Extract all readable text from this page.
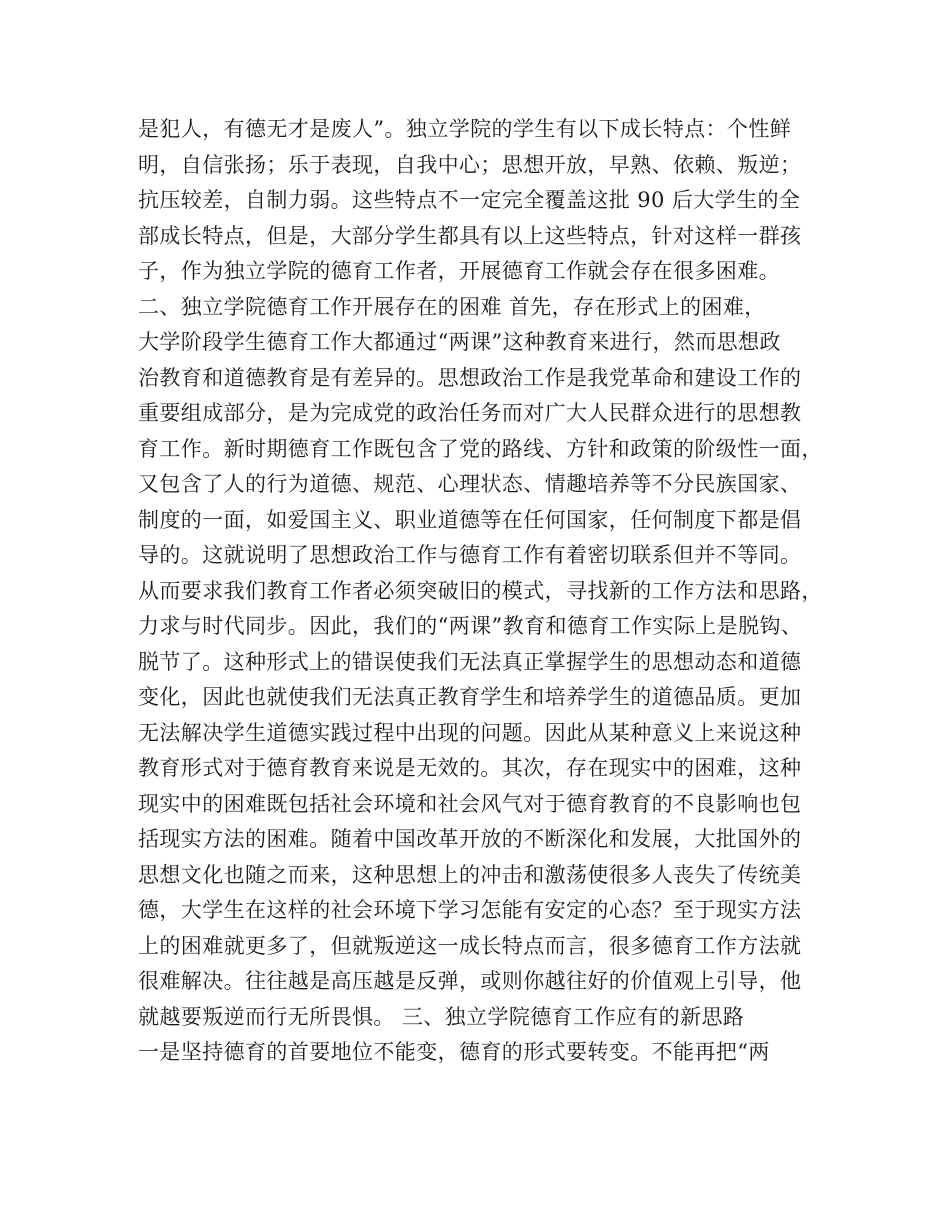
是犯人，有德无才是废人”。独立学院的学生有以下成长特点：个性鲜
明，自信张扬；乐于表现，自我中心；思想开放，早熟、依赖、叛逆；
抗压较差，自制力弱。这些特点不一定完全覆盖这批 90 后大学生的全
部成长特点，但是，大部分学生都具有以上这些特点，针对这样一群孩
子，作为独立学院的德育工作者，开展德育工作就会存在很多困难。
二、独立学院德育工作开展存在的困难 首先，存在形式上的困难，
大学阶段学生德育工作大都通过“两课”这种教育来进行，然而思想政
治教育和道德教育是有差异的。思想政治工作是我党革命和建设工作的
重要组成部分，是为完成党的政治任务而对广大人民群众进行的思想教
育工作。新时期德育工作既包含了党的路线、方针和政策的阶级性一面，
又包含了人的行为道德、规范、心理状态、情趣培养等不分民族国家、
制度的一面，如爱国主义、职业道德等在任何国家，任何制度下都是倡
导的。这就说明了思想政治工作与德育工作有着密切联系但并不等同。
从而要求我们教育工作者必须突破旧的模式，寻找新的工作方法和思路，
力求与时代同步。因此，我们的“两课”教育和德育工作实际上是脱钩、
脱节了。这种形式上的错误使我们无法真正掌握学生的思想动态和道德
变化，因此也就使我们无法真正教育学生和培养学生的道德品质。更加
无法解决学生道德实践过程中出现的问题。因此从某种意义上来说这种
教育形式对于德育教育来说是无效的。其次，存在现实中的困难，这种
现实中的困难既包括社会环境和社会风气对于德育教育的不良影响也包
括现实方法的困难。随着中国改革开放的不断深化和发展，大批国外的
思想文化也随之而来，这种思想上的冲击和激荡使很多人丧失了传统美
德，大学生在这样的社会环境下学习怎能有安定的心态？至于现实方法
上的困难就更多了，但就叛逆这一成长特点而言，很多德育工作方法就
很难解决。往往越是高压越是反弹，或则你越往好的价值观上引导，他
就越要叛逆而行无所畏惧。 三、独立学院德育工作应有的新思路
一是坚持德育的首要地位不能变，德育的形式要转变。不能再把“两
